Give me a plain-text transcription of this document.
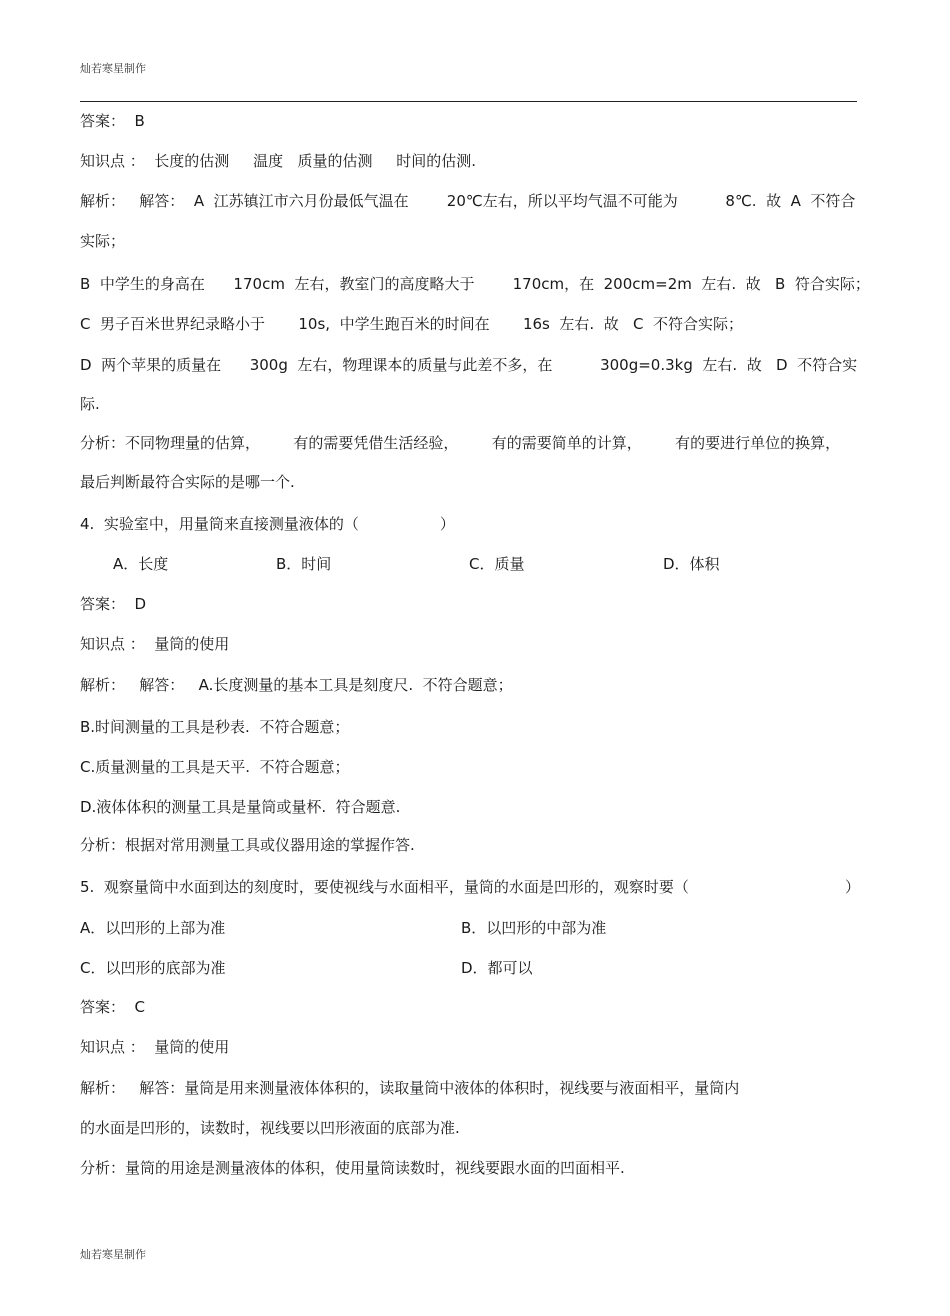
灿若寒星制作
答案：  B
知识点 ：  长度的估测     温度   质量的估测     时间的估测.
解析：   解答：  A  江苏镇江市六月份最低气温在        20℃左右，所以平均气温不可能为          8℃.  故  A  不符合
实际；
B  中学生的身高在      170cm  左右，教室门的高度略大于        170cm，在  200cm=2m  左右.  故   B  符合实际；
C  男子百米世界纪录略小于       10s,  中学生跑百米的时间在       16s  左右.  故   C  不符合实际；
D  两个苹果的质量在      300g  左右，物理课本的质量与此差不多，在          300g=0.3kg  左右.  故   D  不符合实
际.
分析：不同物理量的估算，       有的需要凭借生活经验，       有的需要简单的计算，       有的要进行单位的换算，
最后判断最符合实际的是哪一个.
4.  实验室中，用量筒来直接测量液体的（                 ）
A．长度	B．时间	C．质量	D．体积
答案：  D
知识点 ：  量筒的使用
解析：   解答：   A.长度测量的基本工具是刻度尺.  不符合题意；
B.时间测量的工具是秒表.  不符合题意；
C.质量测量的工具是天平.  不符合题意；
D.液体体积的测量工具是量筒或量杯.  符合题意.
分析：根据对常用测量工具或仪器用途的掌握作答.
5.  观察量筒中水面到达的刻度时，要使视线与水面相平，量筒的水面是凹形的，观察时要（	）
A．以凹形的上部为准	B．以凹形的中部为准
C．以凹形的底部为准	D．都可以
答案：  C
知识点 ：  量筒的使用
解析：   解答：量筒是用来测量液体体积的，读取量筒中液体的体积时，视线要与液面相平，量筒内
的水面是凹形的，读数时，视线要以凹形液面的底部为准.
分析：量筒的用途是测量液体的体积，使用量筒读数时，视线要跟水面的凹面相平.
灿若寒星制作
